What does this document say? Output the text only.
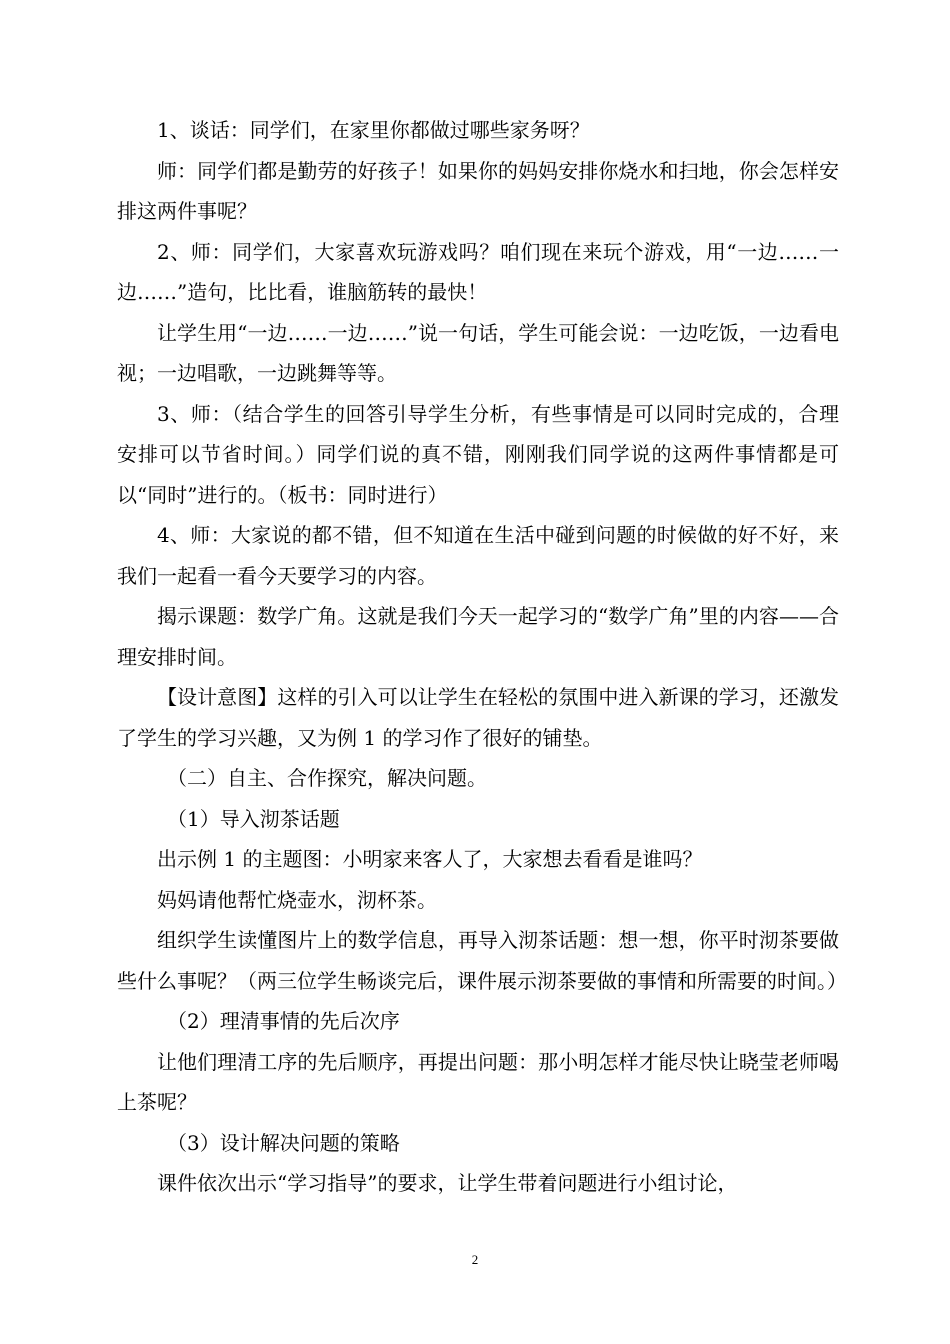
1、谈话：同学们，在家里你都做过哪些家务呀？

师：同学们都是勤劳的好孩子！如果你的妈妈安排你烧水和扫地，你会怎样安排这两件事呢？

2、师：同学们，大家喜欢玩游戏吗？咱们现在来玩个游戏，用“一边……一边……”造句，比比看，谁脑筋转的最快！

让学生用“一边……一边……”说一句话，学生可能会说：一边吃饭，一边看电视；一边唱歌，一边跳舞等等。

3、师：（结合学生的回答引导学生分析，有些事情是可以同时完成的，合理安排可以节省时间。）同学们说的真不错，刚刚我们同学说的这两件事情都是可以“同时”进行的。（板书：同时进行）

4、师：大家说的都不错，但不知道在生活中碰到问题的时候做的好不好，来我们一起看一看今天要学习的内容。

揭示课题：数学广角。这就是我们今天一起学习的“数学广角”里的内容——合理安排时间。

【设计意图】这样的引入可以让学生在轻松的氛围中进入新课的学习，还激发了学生的学习兴趣，又为例 1 的学习作了很好的铺垫。

（二）自主、合作探究，解决问题。

（1）导入沏茶话题

出示例 1 的主题图：小明家来客人了，大家想去看看是谁吗？

妈妈请他帮忙烧壶水，沏杯茶。

组织学生读懂图片上的数学信息，再导入沏茶话题：想一想，你平时沏茶要做些什么事呢？（两三位学生畅谈完后，课件展示沏茶要做的事情和所需要的时间。）

（2）理清事情的先后次序

让他们理清工序的先后顺序，再提出问题：那小明怎样才能尽快让晓莹老师喝上茶呢？

（3）设计解决问题的策略

课件依次出示“学习指导”的要求，让学生带着问题进行小组讨论，

2
